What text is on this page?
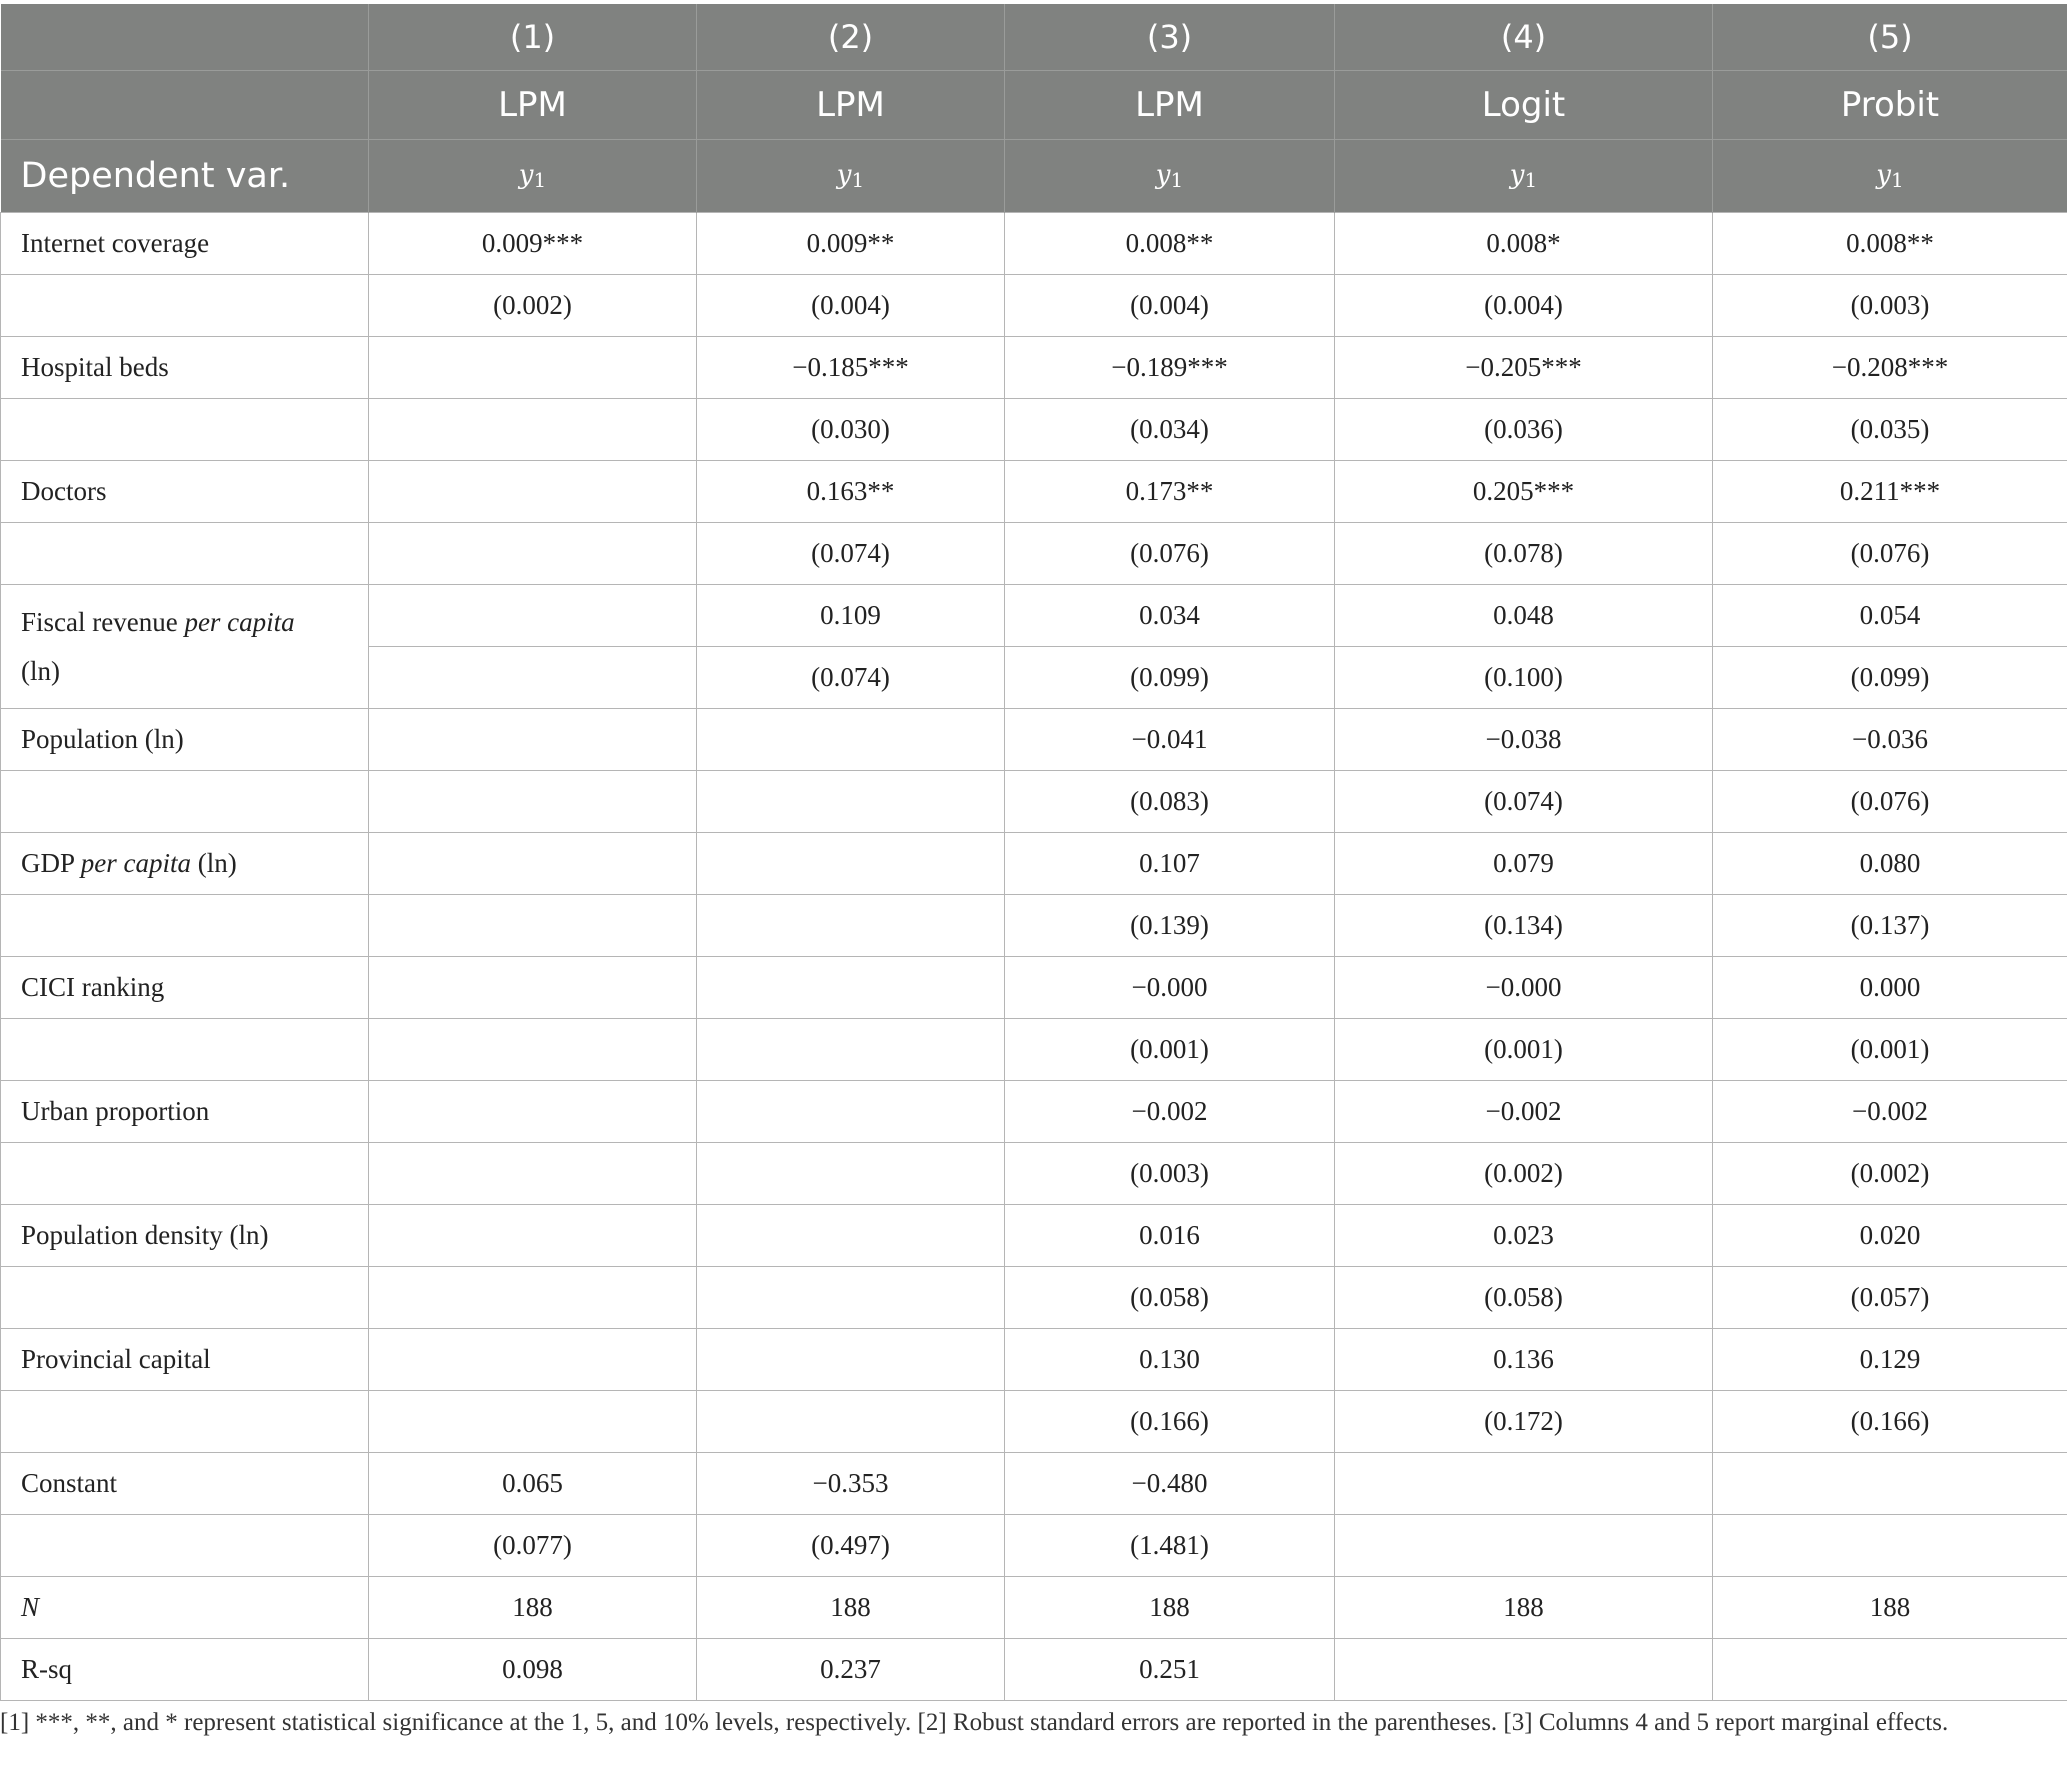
	(1)	(2)	(3)	(4)	(5)
	LPM	LPM	LPM	Logit	Probit
Dependent var.	$y_1$	$y_1$	$y_1$	$y_1$	$y_1$
Internet coverage	0.009***	0.009**	0.008**	0.008*	0.008**
	(0.002)	(0.004)	(0.004)	(0.004)	(0.003)
Hospital beds		−0.185***	−0.189***	−0.205***	−0.208***
		(0.030)	(0.034)	(0.036)	(0.035)
Doctors		0.163**	0.173**	0.205***	0.211***
		(0.074)	(0.076)	(0.078)	(0.076)
Fiscal revenue per capita (ln)		0.109	0.034	0.048	0.054
		(0.074)	(0.099)	(0.100)	(0.099)
Population (ln)			−0.041	−0.038	−0.036
			(0.083)	(0.074)	(0.076)
GDP per capita (ln)			0.107	0.079	0.080
			(0.139)	(0.134)	(0.137)
CICI ranking			−0.000	−0.000	0.000
			(0.001)	(0.001)	(0.001)
Urban proportion			−0.002	−0.002	−0.002
			(0.003)	(0.002)	(0.002)
Population density (ln)			0.016	0.023	0.020
			(0.058)	(0.058)	(0.057)
Provincial capital			0.130	0.136	0.129
			(0.166)	(0.172)	(0.166)
Constant	0.065	−0.353	−0.480		
	(0.077)	(0.497)	(1.481)		
N	188	188	188	188	188
R-sq	0.098	0.237	0.251		
[1] ***, **, and * represent statistical significance at the 1, 5, and 10% levels, respectively. [2] Robust standard errors are reported in the parentheses. [3] Columns 4 and 5 report marginal effects.
